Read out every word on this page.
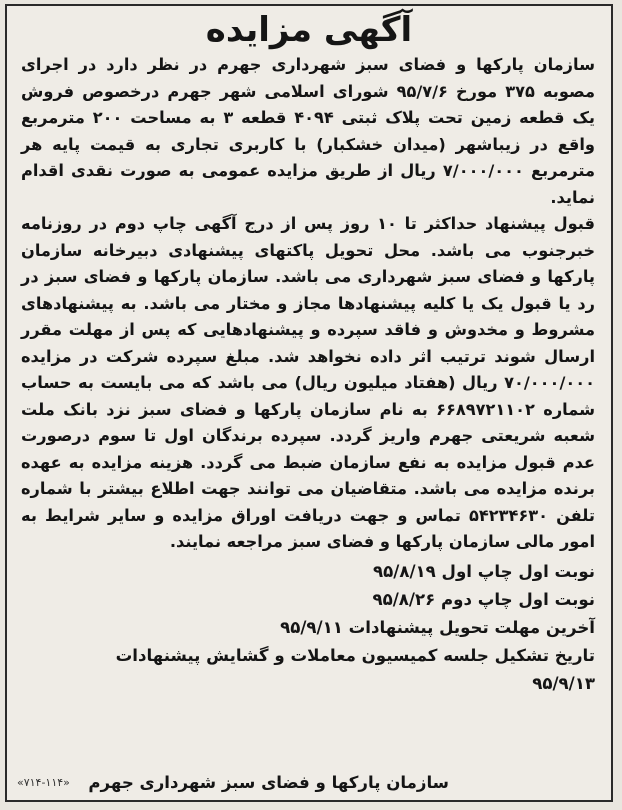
آگهی مزایده

سازمان پارکها و فضای سبز شهرداری جهرم در نظر دارد در اجرای مصوبه ۳۷۵ مورخ ۹۵/۷/۶ شورای اسلامی شهر جهرم درخصوص فروش یک قطعه زمین تحت پلاک ثبتی ۴۰۹۴ قطعه ۳ به مساحت ۲۰۰ مترمربع واقع در زیباشهر (میدان خشکبار) با کاربری تجاری به قیمت پایه هر مترمربع ۷/۰۰۰/۰۰۰ ریال از طریق مزایده عمومی به صورت نقدی اقدام نماید.

قبول پیشنهاد حداکثر تا ۱۰ روز پس از درج آگهی چاپ دوم در روزنامه خبرجنوب می باشد. محل تحویل پاکتهای پیشنهادی دبیرخانه سازمان پارکها و فضای سبز شهرداری می باشد. سازمان پارکها و فضای سبز در رد یا قبول یک یا کلیه پیشنهادها مجاز و مختار می باشد. به پیشنهادهای مشروط و مخدوش و فاقد سپرده و پیشنهادهایی که پس از مهلت مقرر ارسال شوند ترتیب اثر داده نخواهد شد. مبلغ سپرده شرکت در مزایده ۷۰/۰۰۰/۰۰۰ ریال (هفتاد میلیون ریال) می باشد که می بایست به حساب شماره ۶۶۸۹۷۲۱۱۰۲ به نام سازمان پارکها و فضای سبز نزد بانک ملت شعبه شریعتی جهرم واریز گردد. سپرده برندگان اول تا سوم درصورت عدم قبول مزایده به نفع سازمان ضبط می گردد. هزینه مزایده به عهده برنده مزایده می باشد. متقاضیان می توانند جهت اطلاع بیشتر با شماره تلفن ۵۴۲۳۴۶۳۰ تماس و جهت دریافت اوراق مزایده و سایر شرایط به امور مالی سازمان پارکها و فضای سبز مراجعه نمایند.

نوبت اول چاپ اول ۹۵/۸/۱۹
نوبت اول چاپ دوم ۹۵/۸/۲۶
آخرین مهلت تحویل پیشنهادات ۹۵/۹/۱۱
تاریخ تشکیل جلسه کمیسیون معاملات و گشایش پیشنهادات
۹۵/۹/۱۳
سازمان پارکها و فضای سبز شهرداری جهرم
«۷۱۴-۱۱۴»
